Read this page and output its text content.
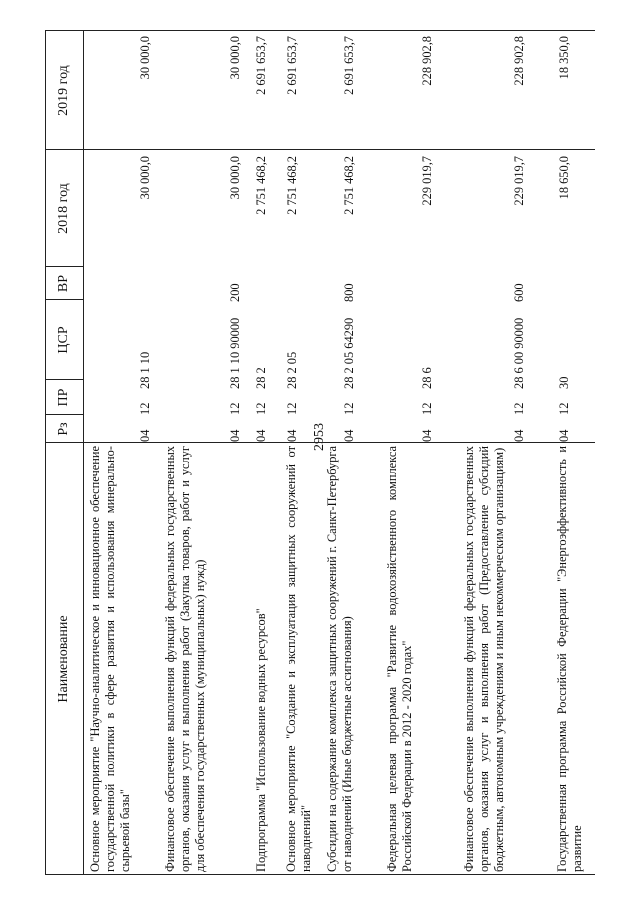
2953
Наименование
Рз
ПР
ЦСР
ВР
2018 год
2019 год
Основное мероприятие "Научно-аналитическое и инновационное обеспечение государственной политики в сфере развития и использования минерально-сырьевой базы"
04
12
28 1 10
30 000,0
30 000,0
Финансовое обеспечение выполнения функций федеральных государственных органов, оказания услуг и выполнения работ (Закупка товаров, работ и услуг для обеспечения государственных (муниципальных) нужд)
04
12
28 1 10 90000
200
30 000,0
30 000,0
Подпрограмма "Использование водных ресурсов"
04
12
28 2
2 751 468,2
2 691 653,7
Основное мероприятие "Создание и эксплуатация защитных сооружений от наводнений"
04
12
28 2 05
2 751 468,2
2 691 653,7
Субсидии на содержание комплекса защитных сооружений г. Санкт-Петербурга от наводнений (Иные бюджетные ассигнования)
04
12
28 2 05 64290
800
2 751 468,2
2 691 653,7
Федеральная целевая программа "Развитие водохозяйственного комплекса Российской Федерации в 2012 - 2020 годах"
04
12
28 6
229 019,7
228 902,8
Финансовое обеспечение выполнения функций федеральных государственных органов, оказания услуг и выполнения работ (Предоставление субсидий бюджетным, автономным учреждениям и иным некоммерческим организациям)
04
12
28 6 00 90000
600
229 019,7
228 902,8
Государственная программа Российской Федерации "Энергоэффективность и развитие
04
12
30
18 650,0
18 350,0
